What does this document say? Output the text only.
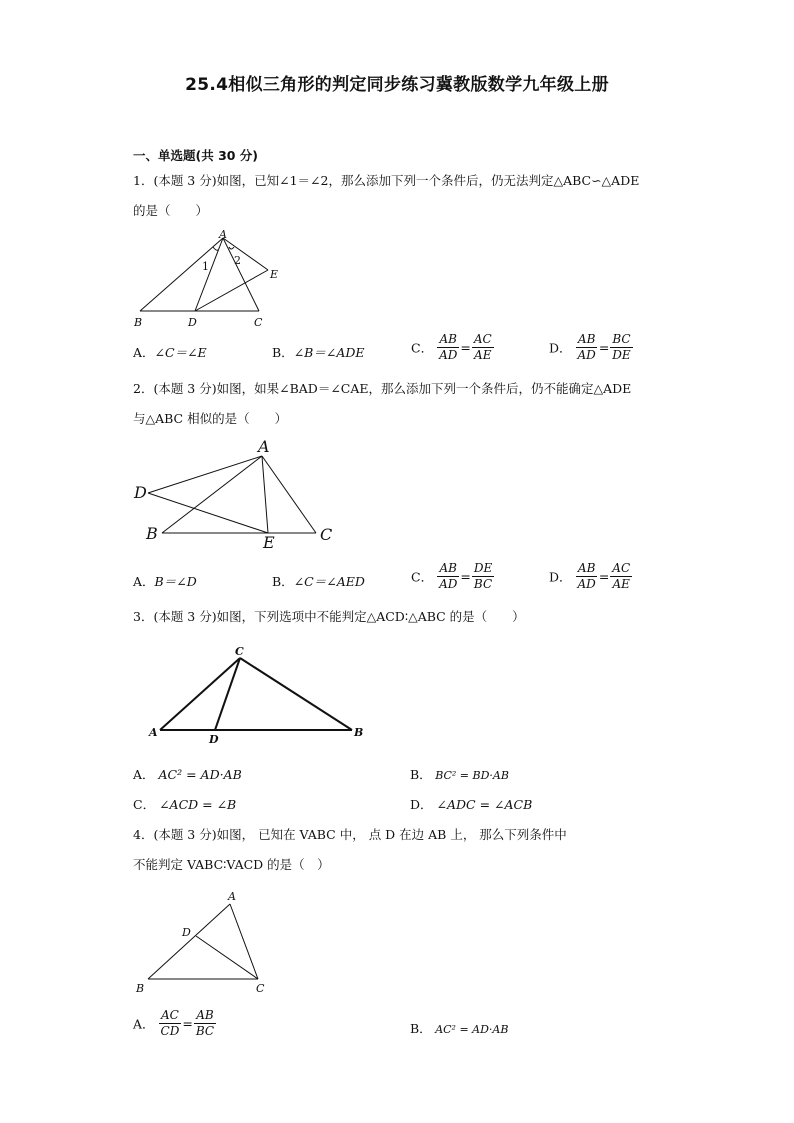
25.4相似三角形的判定同步练习冀教版数学九年级上册
一、单选题(共 30 分)
1．(本题 3 分)如图，已知∠1＝∠2，那么添加下列一个条件后，仍无法判定△ABC∽△ADE
的是（　　）
A
B	D	C
E
1 2
A．∠C＝∠E	B．∠B＝∠ADE	C． $\frac{AB}{AD} = \frac{AC}{AE}$	D． $\frac{AB}{AD} = \frac{BC}{DE}$
2．(本题 3 分)如图，如果∠BAD＝∠CAE，那么添加下列一个条件后，仍不能确定△ADE
与△ABC 相似的是（　　）
A
D
B	E	C
A．B＝∠D	B．∠C＝∠AED	C． $\frac{AB}{AD} = \frac{DE}{BC}$	D． $\frac{AB}{AD} = \frac{AC}{AE}$
3．(本题 3 分)如图，下列选项中不能判定△ACD∶△ABC 的是（　　）
C
A
D
B
A． AC² = AD·AB	B． BC² = BD·AB
C． ∠ACD = ∠B	D． ∠ADC = ∠ACB
4．(本题 3 分)如图， 已知在 VABC 中， 点 D 在边 AB 上， 那么下列条件中
不能判定 VABC∶VACD 的是（　）
A
D
B	C
A． $\frac{AC}{CD} = \frac{AB}{BC}$	B． AC² = AD·AB
